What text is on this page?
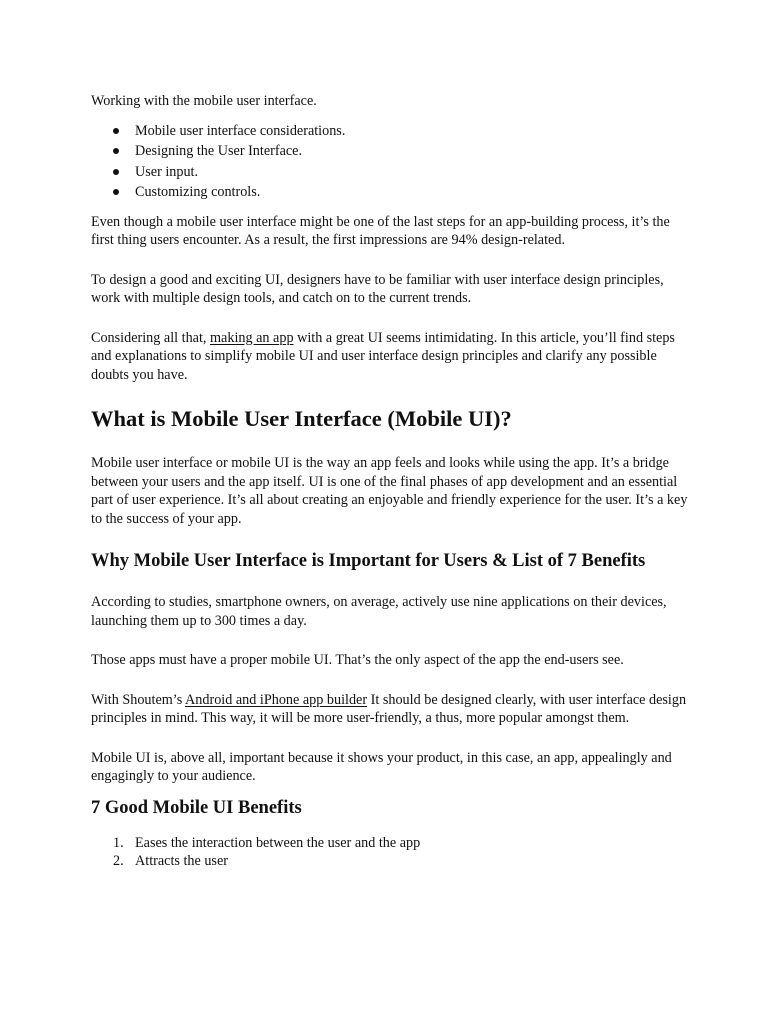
Working with the mobile user interface.

Mobile user interface considerations.
Designing the User Interface.
User input.
Customizing controls.

Even though a mobile user interface might be one of the last steps for an app-building process, it’s the first thing users encounter. As a result, the first impressions are 94% design-related.

To design a good and exciting UI, designers have to be familiar with user interface design principles, work with multiple design tools, and catch on to the current trends.

Considering all that, making an app with a great UI seems intimidating. In this article, you’ll find steps and explanations to simplify mobile UI and user interface design principles and clarify any possible doubts you have.

What is Mobile User Interface (Mobile UI)?

Mobile user interface or mobile UI is the way an app feels and looks while using the app. It’s a bridge between your users and the app itself. UI is one of the final phases of app development and an essential part of user experience. It’s all about creating an enjoyable and friendly experience for the user. It’s a key to the success of your app.

Why Mobile User Interface is Important for Users & List of 7 Benefits

According to studies, smartphone owners, on average, actively use nine applications on their devices, launching them up to 300 times a day.

Those apps must have a proper mobile UI. That’s the only aspect of the app the end-users see.

With Shoutem’s Android and iPhone app builder It should be designed clearly, with user interface design principles in mind. This way, it will be more user-friendly, a thus, more popular amongst them.

Mobile UI is, above all, important because it shows your product, in this case, an app, appealingly and engagingly to your audience.

7 Good Mobile UI Benefits
1. Eases the interaction between the user and the app
2. Attracts the user
